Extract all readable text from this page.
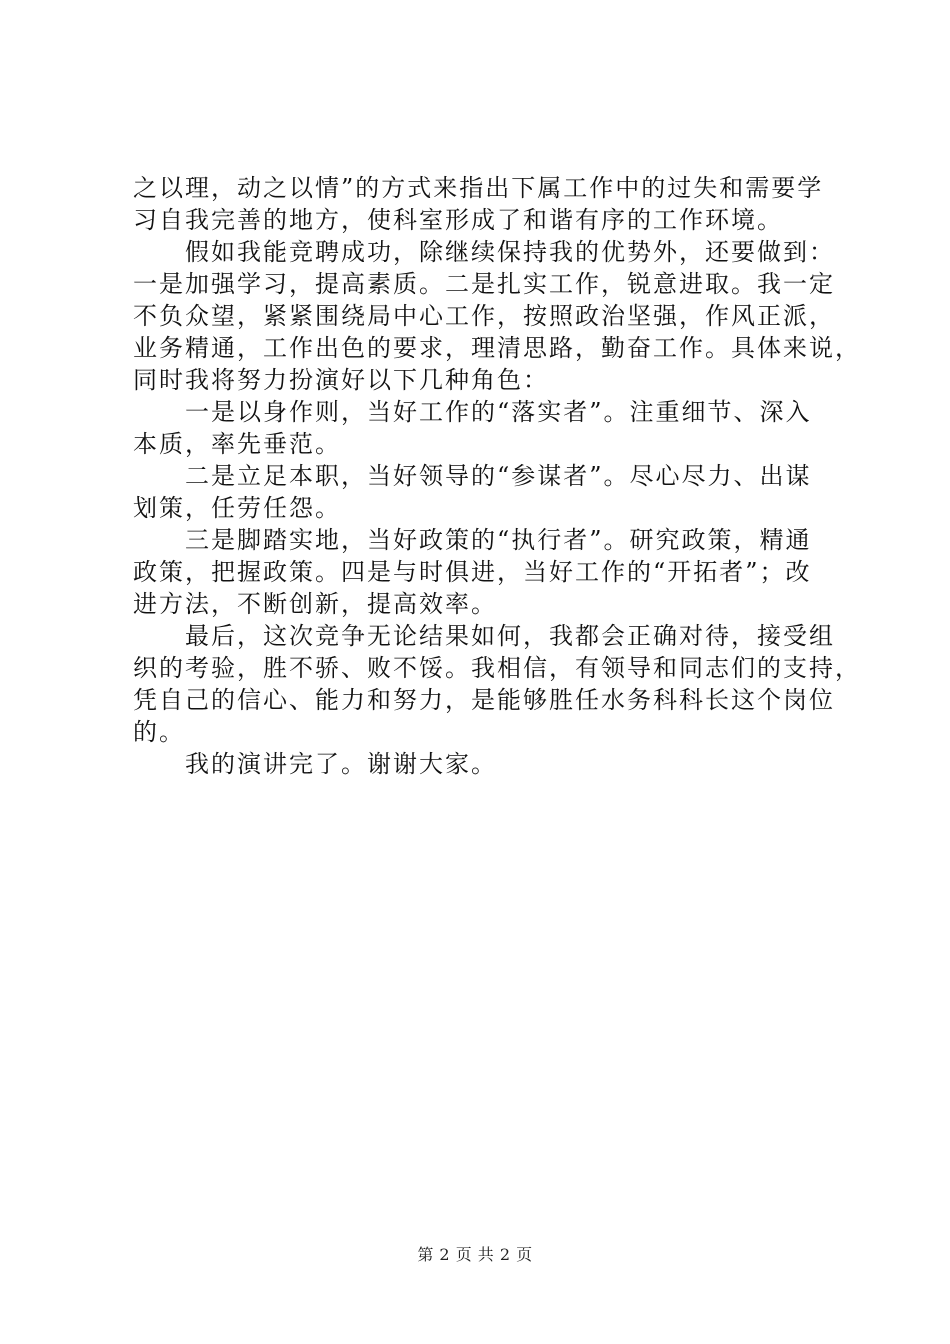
之以理，动之以情”的方式来指出下属工作中的过失和需要学
习自我完善的地方，使科室形成了和谐有序的工作环境。
　　假如我能竞聘成功，除继续保持我的优势外，还要做到：
一是加强学习，提高素质。二是扎实工作，锐意进取。我一定
不负众望，紧紧围绕局中心工作，按照政治坚强，作风正派，
业务精通，工作出色的要求，理清思路，勤奋工作。具体来说，
同时我将努力扮演好以下几种角色：
　　一是以身作则，当好工作的“落实者”。注重细节、深入
本质，率先垂范。
　　二是立足本职，当好领导的“参谋者”。尽心尽力、出谋
划策，任劳任怨。
　　三是脚踏实地，当好政策的“执行者”。研究政策，精通
政策，把握政策。四是与时俱进，当好工作的“开拓者”；改
进方法，不断创新，提高效率。
　　最后，这次竞争无论结果如何，我都会正确对待，接受组
织的考验，胜不骄、败不馁。我相信，有领导和同志们的支持，
凭自己的信心、能力和努力，是能够胜任水务科科长这个岗位
的。
　　我的演讲完了。谢谢大家。
第 2 页 共 2 页
